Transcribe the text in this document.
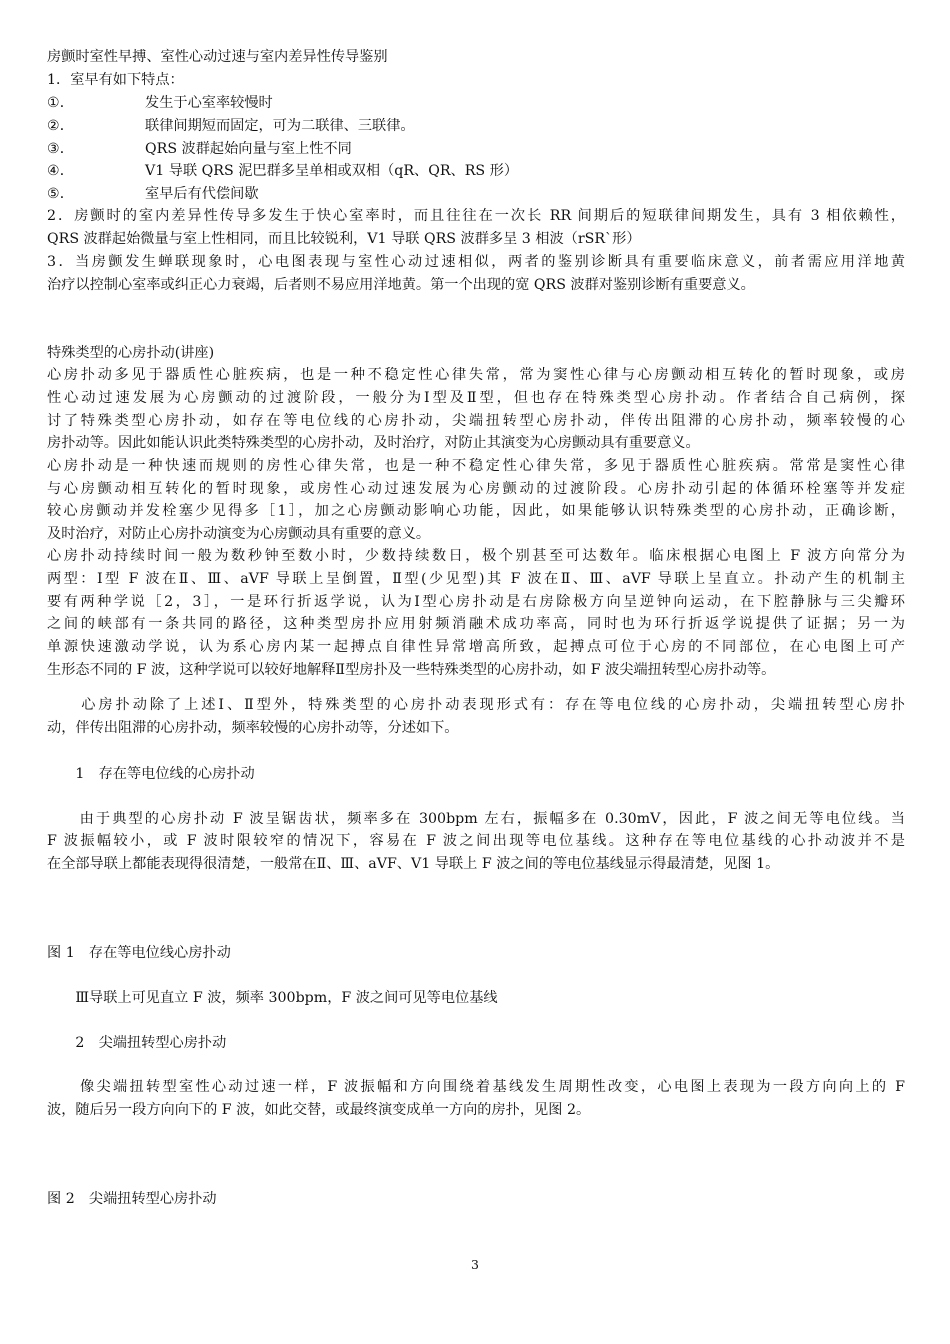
房颤时室性早搏、室性心动过速与室内差异性传导鉴别
1．室早有如下特点：
①．	发生于心室率较慢时
②．	联律间期短而固定，可为二联律、三联律。
③．	QRS 波群起始向量与室上性不同
④．	V1 导联 QRS 泥巴群多呈单相或双相（qR、QR、RS 形）
⑤．	室早后有代偿间歇
2．房颤时的室内差异性传导多发生于快心室率时，而且往往在一次长 RR 间期后的短联律间期发生，具有 3 相依赖性，
QRS 波群起始微量与室上性相同，而且比较锐利，V1 导联 QRS 波群多呈 3 相波（rSR`形）
3．当房颤发生蝉联现象时，心电图表现与室性心动过速相似，两者的鉴别诊断具有重要临床意义，前者需应用洋地黄
治疗以控制心室率或纠正心力衰竭，后者则不易应用洋地黄。第一个出现的宽 QRS 波群对鉴别诊断有重要意义。
特殊类型的心房扑动(讲座)
心房扑动多见于器质性心脏疾病，也是一种不稳定性心律失常，常为窦性心律与心房颤动相互转化的暂时现象，或房
性心动过速发展为心房颤动的过渡阶段，一般分为Ⅰ型及Ⅱ型，但也存在特殊类型心房扑动。作者结合自己病例，探
讨了特殊类型心房扑动，如存在等电位线的心房扑动，尖端扭转型心房扑动，伴传出阻滞的心房扑动，频率较慢的心
房扑动等。因此如能认识此类特殊类型的心房扑动，及时治疗，对防止其演变为心房颤动具有重要意义。
心房扑动是一种快速而规则的房性心律失常，也是一种不稳定性心律失常，多见于器质性心脏疾病。常常是窦性心律
与心房颤动相互转化的暂时现象，或房性心动过速发展为心房颤动的过渡阶段。心房扑动引起的体循环栓塞等并发症
较心房颤动并发栓塞少见得多［1］，加之心房颤动影响心功能，因此，如果能够认识特殊类型的心房扑动，正确诊断，
及时治疗，对防止心房扑动演变为心房颤动具有重要的意义。
心房扑动持续时间一般为数秒钟至数小时，少数持续数日，极个别甚至可达数年。临床根据心电图上 F 波方向常分为
两型：Ⅰ型 F 波在Ⅱ、Ⅲ、aVF 导联上呈倒置，Ⅱ型(少见型)其 F 波在Ⅱ、Ⅲ、aVF 导联上呈直立。扑动产生的机制主
要有两种学说［2，3］，一是环行折返学说，认为Ⅰ型心房扑动是右房除极方向呈逆钟向运动，在下腔静脉与三尖瓣环
之间的峡部有一条共同的路径，这种类型房扑应用射频消融术成功率高，同时也为环行折返学说提供了证据；另一为
单源快速激动学说，认为系心房内某一起搏点自律性异常增高所致，起搏点可位于心房的不同部位，在心电图上可产
生形态不同的 F 波，这种学说可以较好地解释Ⅱ型房扑及一些特殊类型的心房扑动，如 F 波尖端扭转型心房扑动等。
　　心房扑动除了上述Ⅰ、Ⅱ型外，特殊类型的心房扑动表现形式有：存在等电位线的心房扑动，尖端扭转型心房扑
动，伴传出阻滞的心房扑动，频率较慢的心房扑动等，分述如下。
　　1　存在等电位线的心房扑动
　　由于典型的心房扑动 F 波呈锯齿状，频率多在 300bpm 左右，振幅多在 0.30mV，因此，F 波之间无等电位线。当
F 波振幅较小，或 F 波时限较窄的情况下，容易在 F 波之间出现等电位基线。这种存在等电位基线的心扑动波并不是
在全部导联上都能表现得很清楚，一般常在Ⅱ、Ⅲ、aVF、V1 导联上 F 波之间的等电位基线显示得最清楚，见图 1。
图 1　存在等电位线心房扑动
　　Ⅲ导联上可见直立 F 波，频率 300bpm，F 波之间可见等电位基线
　　2　尖端扭转型心房扑动
　　像尖端扭转型室性心动过速一样，F 波振幅和方向围绕着基线发生周期性改变，心电图上表现为一段方向向上的 F
波，随后另一段方向向下的 F 波，如此交替，或最终演变成单一方向的房扑，见图 2。
图 2　尖端扭转型心房扑动
3
